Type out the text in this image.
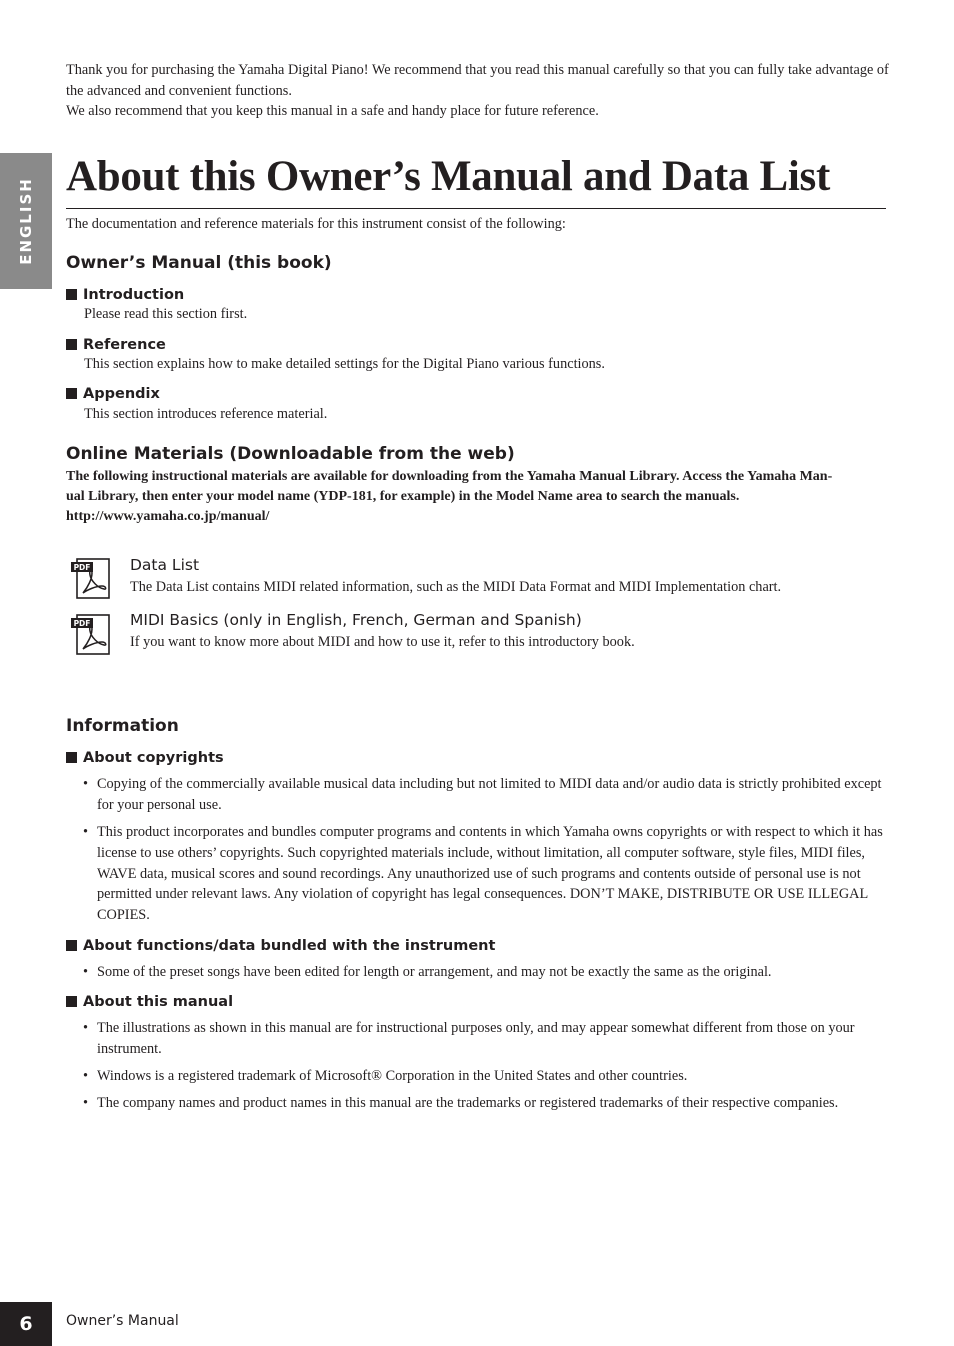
Thank you for purchasing the Yamaha Digital Piano! We recommend that you read this manual carefully so that you can fully take advantage of the advanced and convenient functions.

We also recommend that you keep this manual in a safe and handy place for future reference.

ENGLISH
About this Owner’s Manual and Data List
The documentation and reference materials for this instrument consist of the following:
Owner’s Manual (this book)
Introduction
Please read this section first.
Reference
This section explains how to make detailed settings for the Digital Piano various functions.
Appendix
This section introduces reference material.
Online Materials (Downloadable from the web)
The following instructional materials are available for downloading from the Yamaha Manual Library. Access the Yamaha Man-
ual Library, then enter your model name (YDP-181, for example) in the Model Name area to search the manuals.
http://www.yamaha.co.jp/manual/
PDF	Data List
The Data List contains MIDI related information, such as the MIDI Data Format and MIDI Implementation chart.
PDF	MIDI Basics (only in English, French, German and Spanish)
If you want to know more about MIDI and how to use it, refer to this introductory book.
Information
About copyrights
• Copying of the commercially available musical data including but not limited to MIDI data and/or audio data is strictly prohibited except for your personal use.
• This product incorporates and bundles computer programs and contents in which Yamaha owns copyrights or with respect to which it has license to use others’ copyrights. Such copyrighted materials include, without limitation, all computer software, style files, MIDI files, WAVE data, musical scores and sound recordings. Any unauthorized use of such programs and contents outside of personal use is not permitted under relevant laws. Any violation of copyright has legal consequences. DON’T MAKE, DISTRIBUTE OR USE ILLEGAL COPIES.
About functions/data bundled with the instrument
• Some of the preset songs have been edited for length or arrangement, and may not be exactly the same as the original.
About this manual
• The illustrations as shown in this manual are for instructional purposes only, and may appear somewhat different from those on your instrument.
• Windows is a registered trademark of Microsoft® Corporation in the United States and other countries.
• The company names and product names in this manual are the trademarks or registered trademarks of their respective companies.
6	Owner’s Manual
